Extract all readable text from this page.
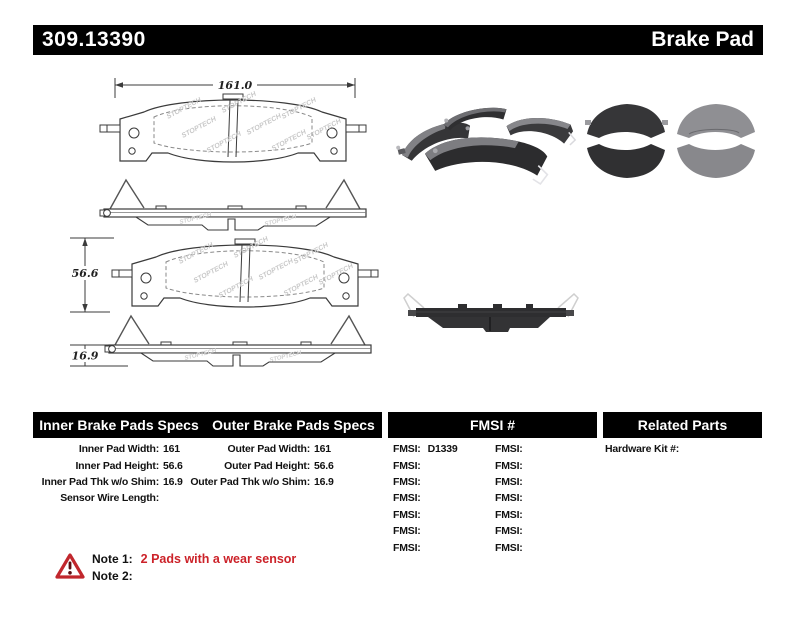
309.13390	Brake Pad
161.0
56.6
16.9
Inner Brake Pads Specs Outer Brake Pads Specs	FMSI #	Related Parts
Inner Pad Width: 161
Inner Pad Height: 56.6
Inner Pad Thk w/o Shim: 16.9
Sensor Wire Length:
Outer Pad Width: 161
Outer Pad Height: 56.6
Outer Pad Thk w/o Shim: 16.9
FMSI: D1339
FMSI:
FMSI:
FMSI:
FMSI:
FMSI:
FMSI:
FMSI:
FMSI:
FMSI:
FMSI:
FMSI:
FMSI:
FMSI:
Hardware Kit #:
Note 1: 2 Pads with a wear sensor
Note 2:
